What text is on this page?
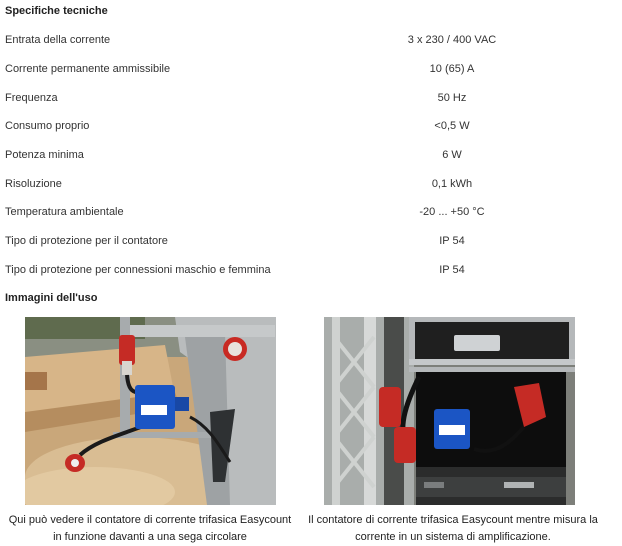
Specifiche tecniche
Entrata della corrente	3 x 230 / 400 VAC	
Corrente permanente ammissibile	10 (65) A	
Frequenza	50 Hz	
Consumo proprio	<0,5 W	
Potenza minima	6 W	
Risoluzione	0,1 kWh	
Temperatura ambientale	-20 ... +50 °C	
Tipo di protezione per il contatore	IP 54	
Tipo di protezione per connessioni maschio e femmina	IP 54	
Immagini dell'uso
Qui può vedere il contatore di corrente trifasica Easycount
in funzione davanti a una sega circolare
Il contatore di corrente trifasica Easycount mentre misura la
corrente in un sistema di amplificazione.
